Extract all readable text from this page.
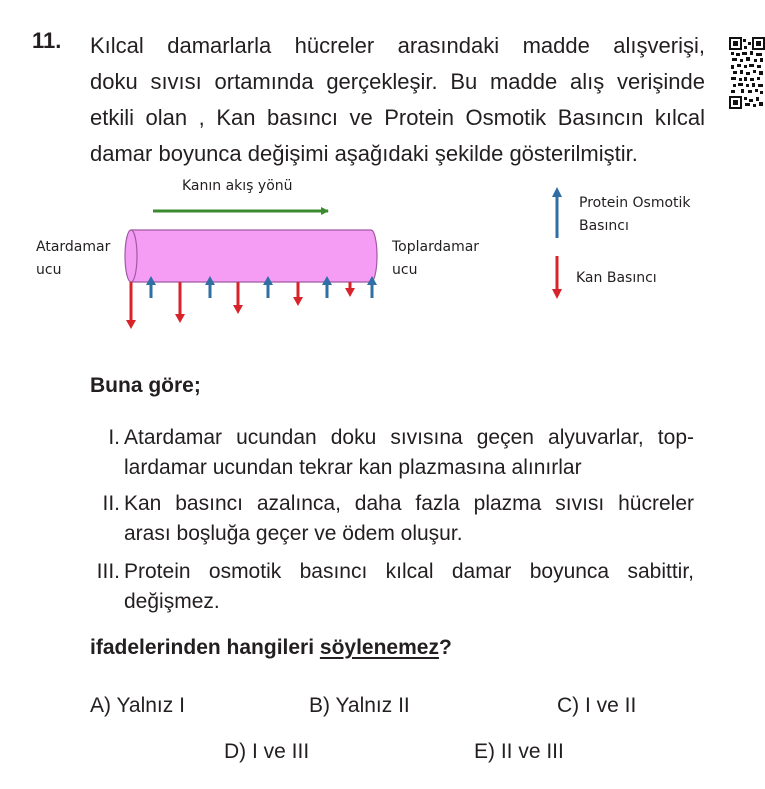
11. Kılcal damarlarla hücreler arasındaki madde alışverişi,
doku sıvısı ortamında gerçekleşir. Bu madde alış verişinde
etkili olan , Kan basıncı ve Protein Osmotik Basıncın kılcal
damar boyunca değişimi aşağıdaki şekilde gösterilmiştir.
Kanın akış yönü
Atardamar
ucu
Toplardamar
ucu
Protein Osmotik
Basıncı
Kan Basıncı
Buna göre;
I. Atardamar ucundan doku sıvısına geçen alyuvarlar, top-
lardamar ucundan tekrar kan plazmasına alınırlar
II. Kan basıncı azalınca, daha fazla plazma sıvısı hücreler
arası boşluğa geçer ve ödem oluşur.
III. Protein osmotik basıncı kılcal damar boyunca sabittir,
değişmez.
ifadelerinden hangileri söylenemez?
A) Yalnız I	B) Yalnız II	C) I ve II
D) I ve III	E) II ve III
